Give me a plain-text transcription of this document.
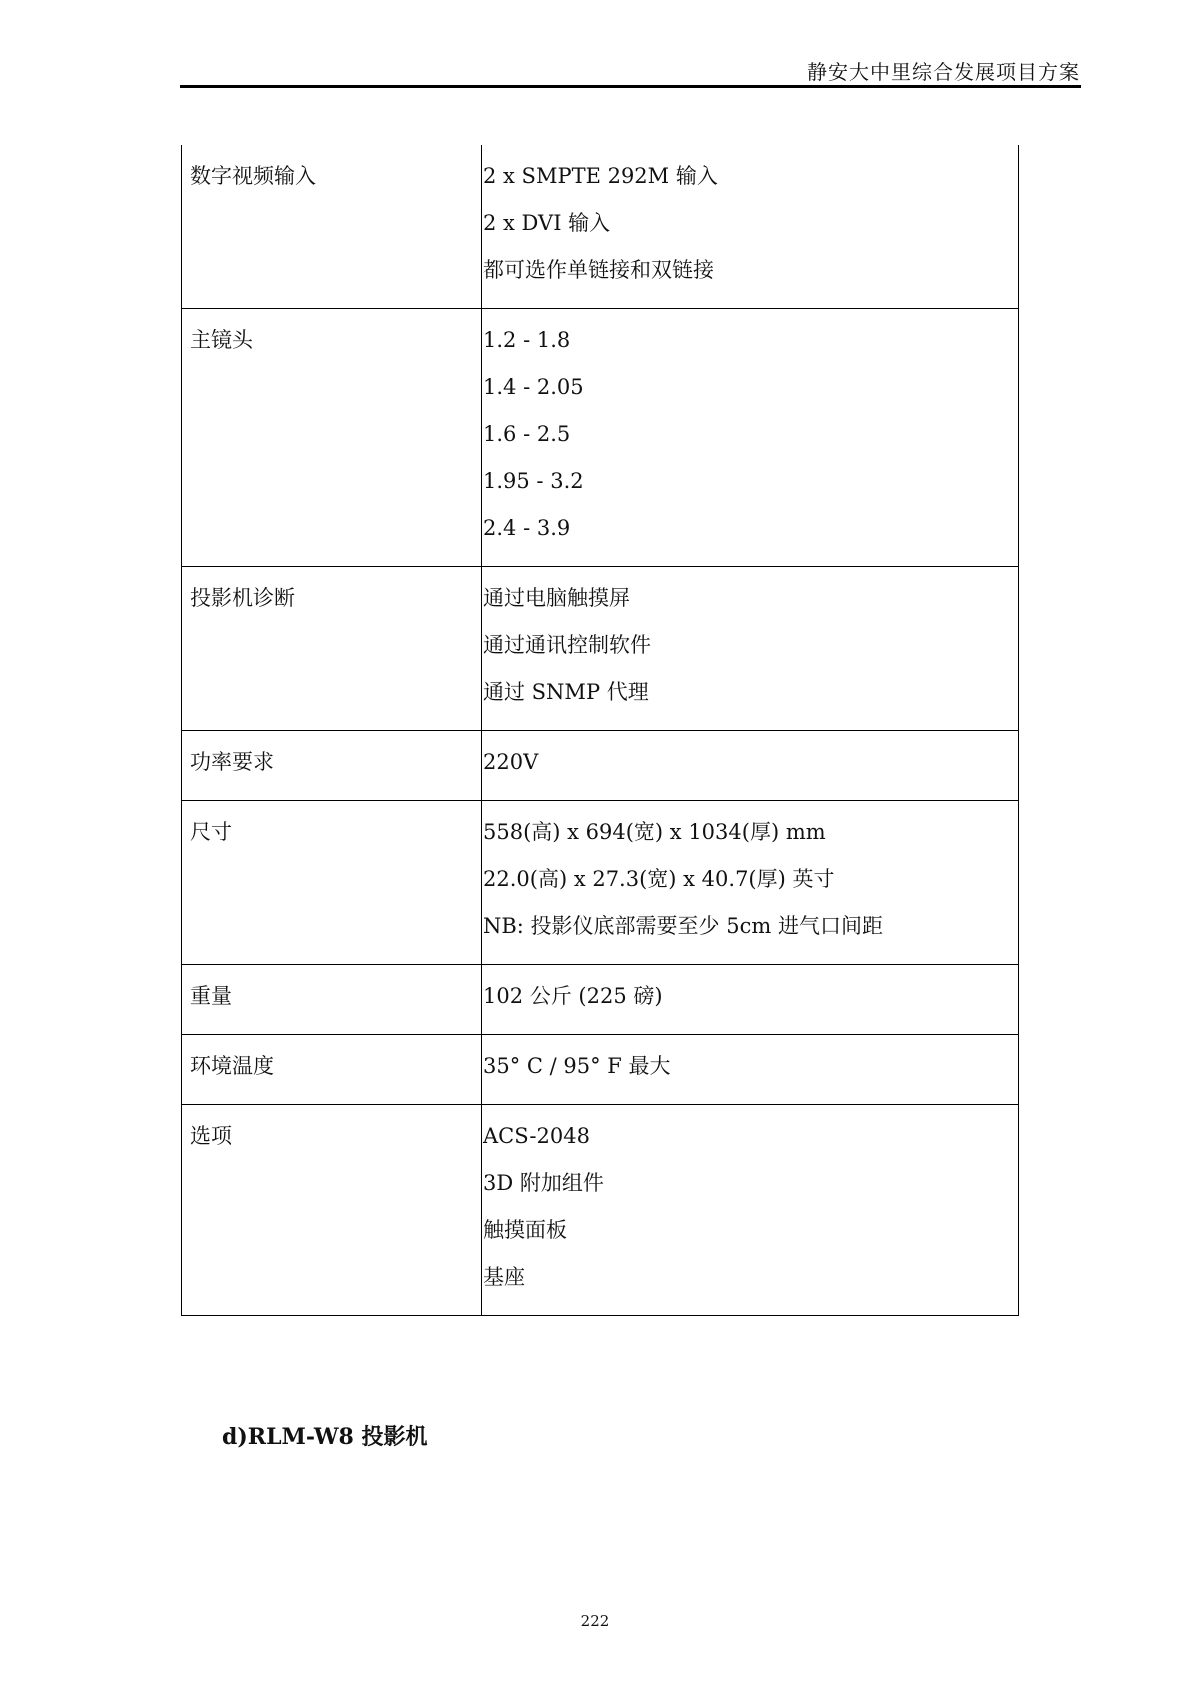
静安大中里综合发展项目方案
数字视频输入	2 x SMPTE 292M 输入
2 x DVI 输入
都可选作单链接和双链接

主镜头	1.2 - 1.8
1.4 - 2.05
1.6 - 2.5
1.95 - 3.2
2.4 - 3.9

投影机诊断	通过电脑触摸屏
通过通讯控制软件
通过 SNMP 代理

功率要求	220V

尺寸	558(高) x 694(宽) x 1034(厚) mm
22.0(高) x 27.3(宽) x 40.7(厚) 英寸
NB: 投影仪底部需要至少 5cm 进气口间距

重量	102 公斤 (225 磅)

环境温度	35° C / 95° F 最大

选项	ACS-2048
3D 附加组件
触摸面板
基座
d)RLM-W8 投影机
222
